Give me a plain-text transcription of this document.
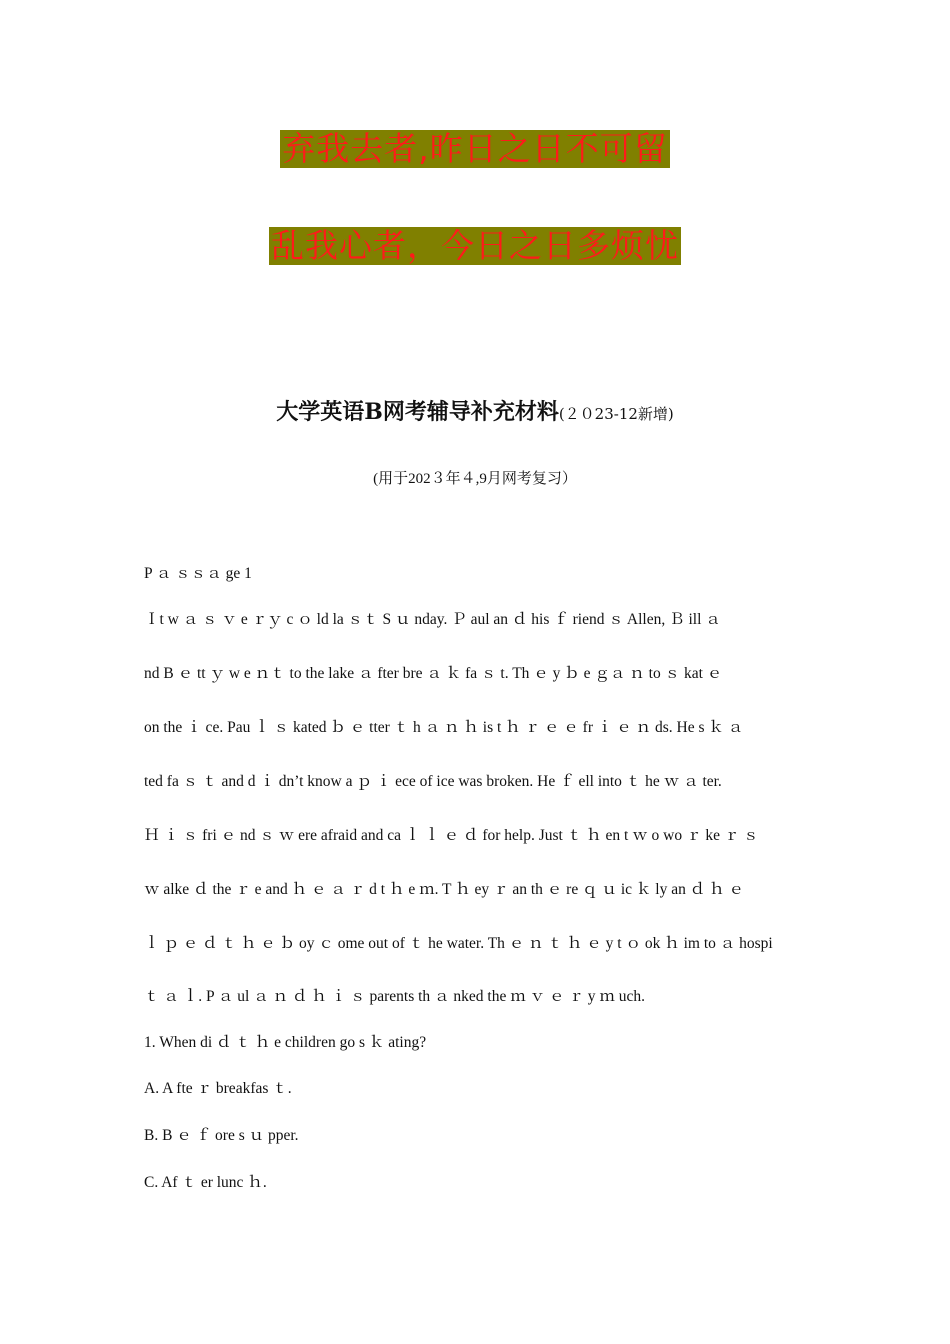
弃我去者,昨日之日不可留
乱我心者，今日之日多烦忧
大学英语B网考辅导补充材料(２０23-12新增)
(用于202３年４,9月网考复习）
P ａ ｓｓａ ge 1
Ｉt w ａ ｓ ｖ e ｒｙ c ｏ ld la ｓｔ S ｕ nday. Ｐ aul an ｄ his ｆ riend ｓ Allen, Ｂ ill ａ
nd B ｅ tt ｙ w e ｎｔ to the lake ａ fter bre ａ ｋ fa ｓ t. Th ｅ y ｂ e ｇａ ｎ to ｓ kat ｅ
on the ｉ ce. Pau ｌ ｓ kated ｂ ｅ tter ｔ h ａ ｎ ｈ is t ｈ ｒ ｅ ｅ fr ｉ ｅ ｎ ds. He s ｋ ａ
ted fa ｓ ｔ and d ｉ dn’t know a ｐ ｉ ece of ice was broken. He ｆ ell into ｔ he ｗ ａ ter.
Ｈ ｉ ｓ fri ｅ nd ｓ ｗ ere afraid and ca ｌ ｌ ｅ ｄ for help. Just ｔ ｈ en t ｗ o wo ｒ ke ｒ ｓ
ｗ alke ｄ the ｒ e and ｈ ｅ ａ ｒ d t ｈ e ｍ. T ｈ ey ｒ an th ｅ re ｑ ｕ ic ｋ ly an ｄ ｈ ｅ
ｌ ｐ ｅ ｄ ｔ ｈ ｅ ｂ oy ｃ ome out of ｔ he water. Th ｅ ｎ ｔ ｈ ｅ y t ｏ ok ｈ im to ａ hospi
ｔ ａ ｌ. P ａ ul ａ ｎ ｄ ｈ ｉ ｓ parents th ａ nked the ｍ ｖ ｅ ｒ y ｍ uch.
1. When di ｄ ｔ ｈ e children go s ｋ ating?
A. A fte ｒ breakfas ｔ.
B. B ｅ ｆ ore s ｕ pper.
C. Af ｔ er lunc ｈ.
